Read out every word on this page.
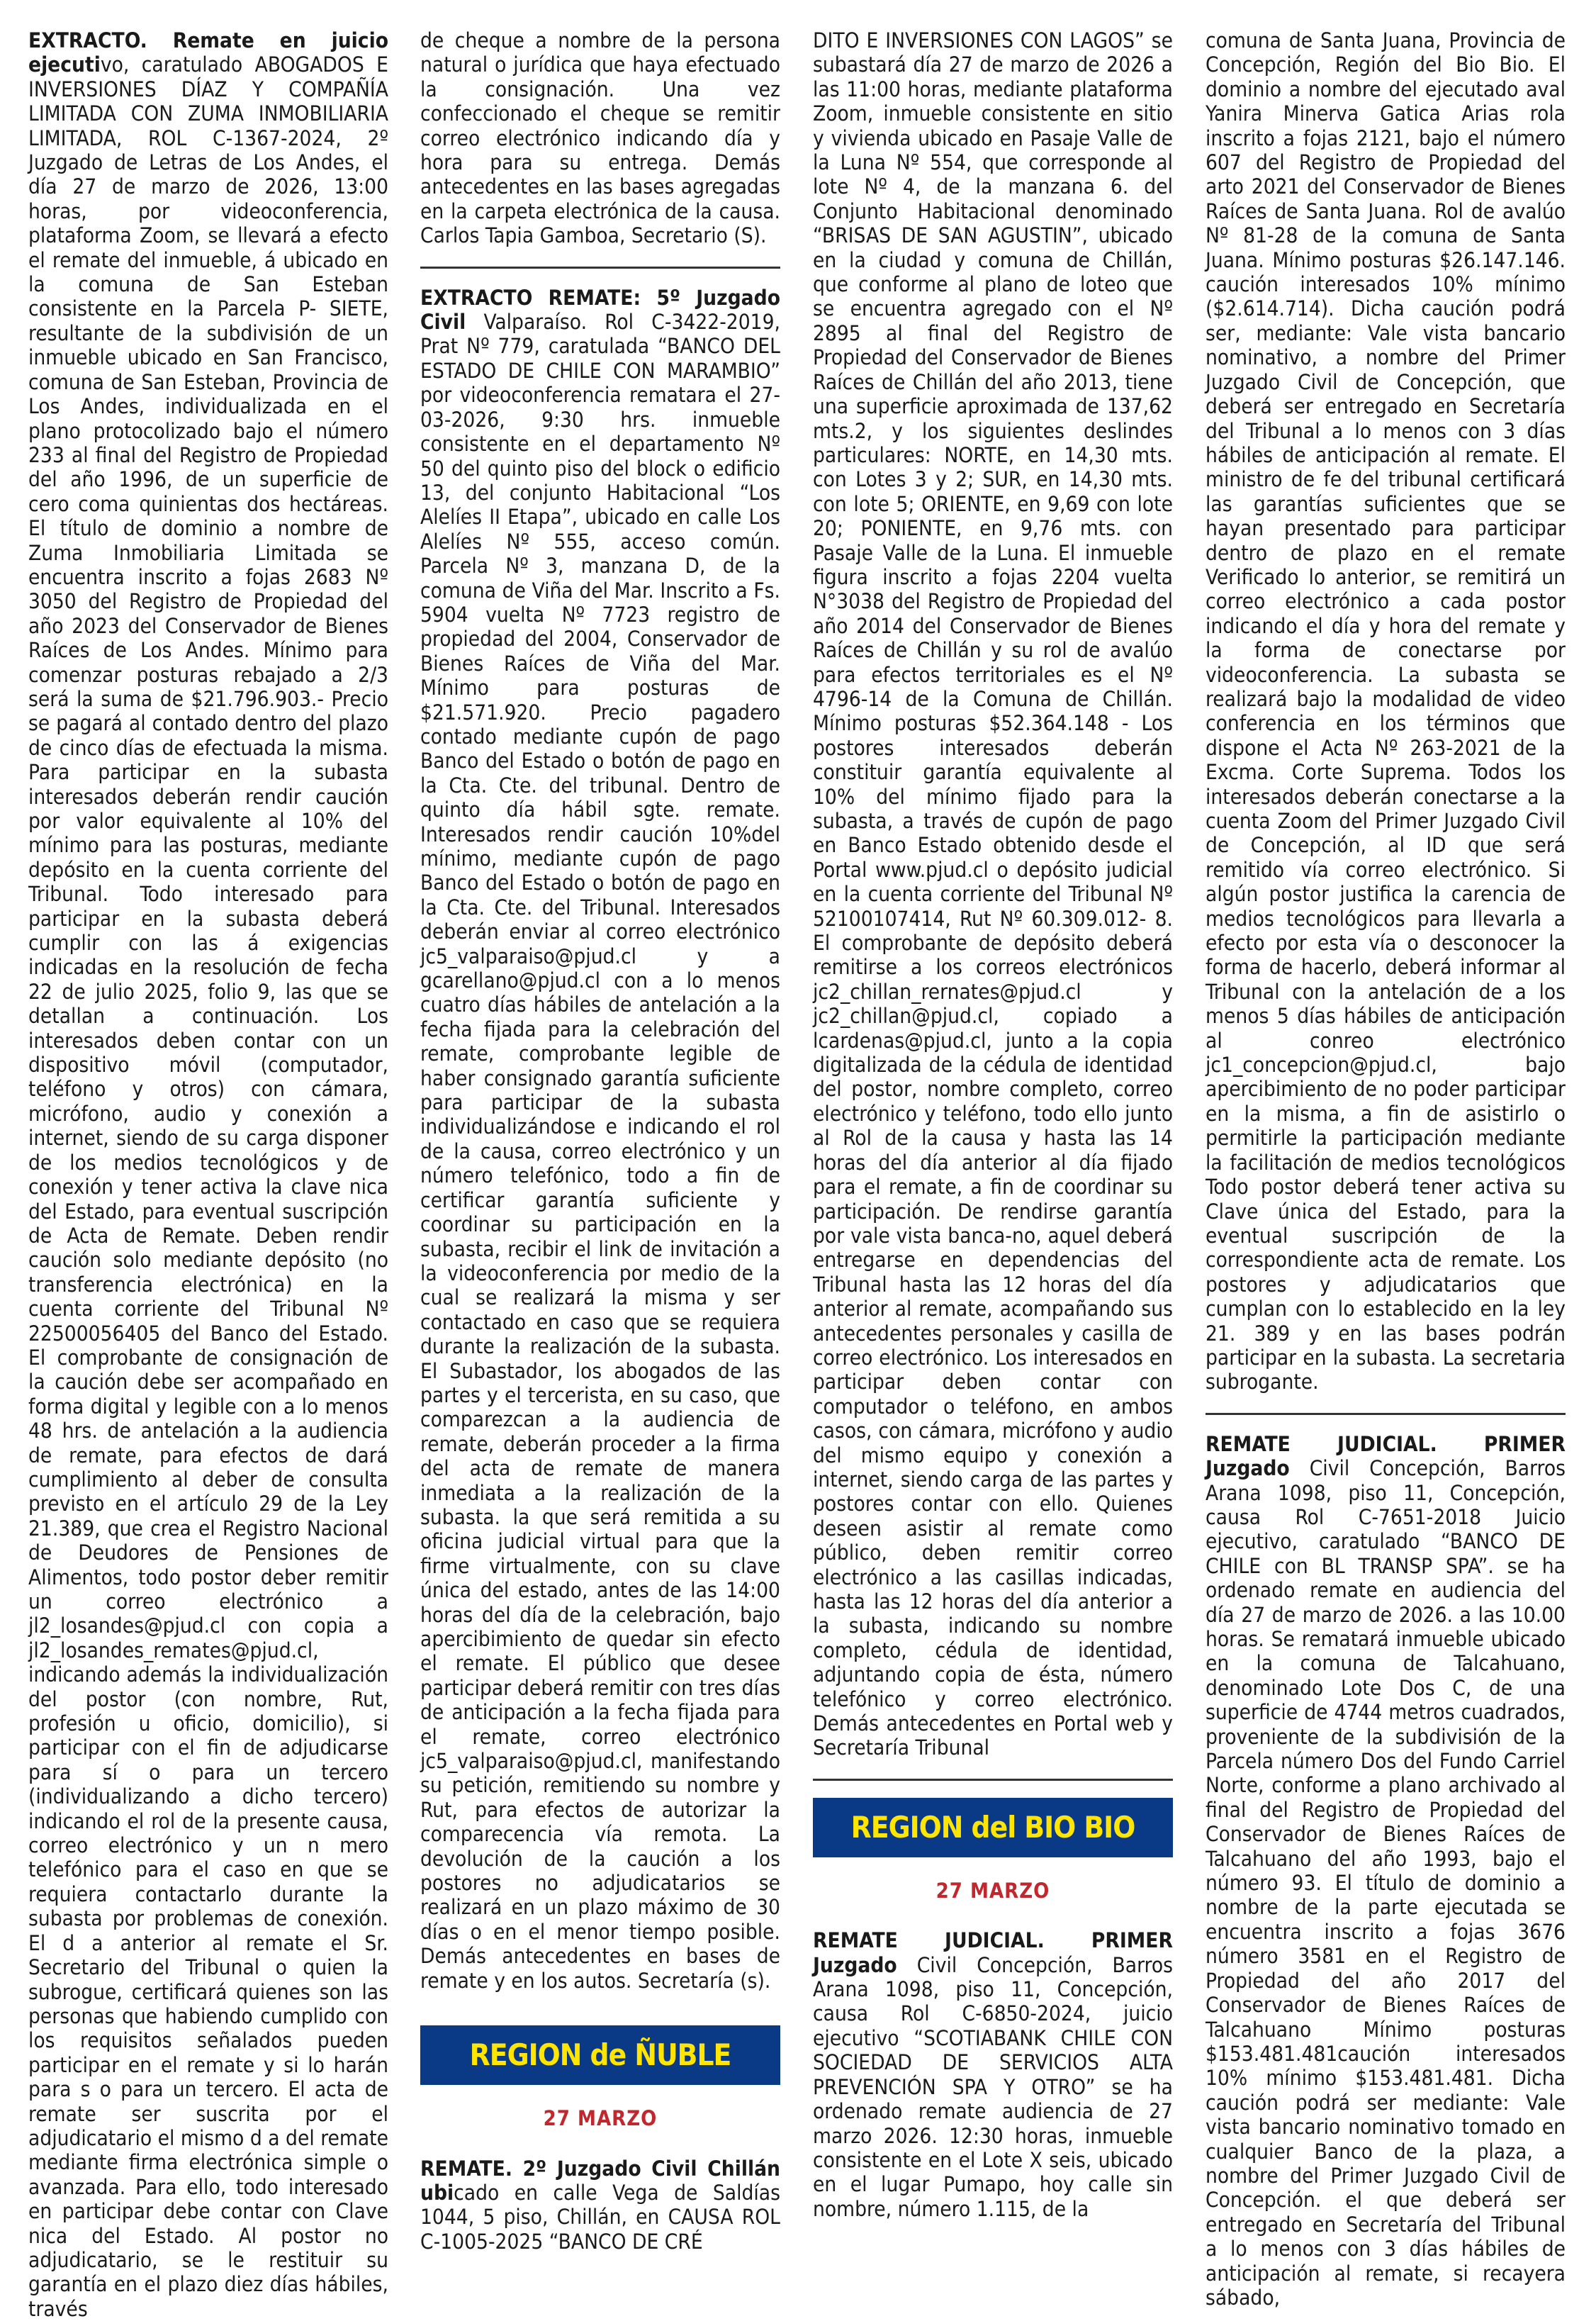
EXTRACTO. Remate en juicio ejecutivo, caratulado ABOGADOS E INVERSIONES DÍAZ Y COMPAÑÍA LIMITADA CON ZUMA INMOBILIARIA LIMITADA, ROL C-1367-2024, 2º Juzgado de Letras de Los Andes, el día 27 de marzo de 2026, 13:00 horas, por videoconferencia, plataforma Zoom, se llevará a efecto el remate del inmueble, á ubicado en la comuna de San Esteban consistente en la Parcela P- SIETE, resultante de la subdivisión de un inmueble ubicado en San Francisco, comuna de San Esteban, Provincia de Los Andes, individualizada en el plano protocolizado bajo el número 233 al final del Registro de Propiedad del año 1996, de un superficie de cero coma quinientas dos hectáreas. El título de dominio a nombre de Zuma Inmobiliaria Limitada se encuentra inscrito a fojas 2683 Nº 3050 del Registro de Propiedad del año 2023 del Conservador de Bienes Raíces de Los Andes. Mínimo para comenzar posturas rebajado a 2/3 será la suma de $21.796.903.- Precio se pagará al contado dentro del plazo de cinco días de efectuada la misma. Para participar en la subasta interesados deberán rendir caución por valor equivalente al 10% del mínimo para las posturas, mediante depósito en la cuenta corriente del Tribunal. Todo interesado para participar en la subasta deberá cumplir con las á exigencias indicadas en la resolución de fecha 22 de julio 2025, folio 9, las que se detallan a continuación. Los interesados deben contar con un dispositivo móvil (computador, teléfono y otros) con cámara, micrófono, audio y conexión a internet, siendo de su carga disponer de los medios tecnológicos y de conexión y tener activa la clave nica del Estado, para eventual suscripción de Acta de Remate. Deben rendir caución solo mediante depósito (no transferencia electrónica) en la cuenta corriente del Tribunal Nº 22500056405 del Banco del Estado. El comprobante de consignación de la caución debe ser acompañado en forma digital y legible con a lo menos 48 hrs. de antelación a la audiencia de remate, para efectos de dará cumplimiento al deber de consulta previsto en el artículo 29 de la Ley 21.389, que crea el Registro Nacional de Deudores de Pensiones de Alimentos, todo postor deber remitir un correo electrónico a jl2_losandes@pjud.cl con copia a jl2_losandes_remates@pjud.cl, indicando además la individualización del postor (con nombre, Rut, profesión u oficio, domicilio), si participar con el fin de adjudicarse para sí o para un tercero (individualizando a dicho tercero) indicando el rol de la presente causa, correo electrónico y un n mero telefónico para el caso en que se requiera contactarlo durante la subasta por problemas de conexión. El d a anterior al remate el Sr. Secretario del Tribunal o quien la subrogue, certificará quienes son las personas que habiendo cumplido con los requisitos señalados pueden participar en el remate y si lo harán para s o para un tercero. El acta de remate ser suscrita por el adjudicatario el mismo d a del remate mediante firma electrónica simple o avanzada. Para ello, todo interesado en participar debe contar con Clave nica del Estado. Al postor no adjudicatario, se le restituir su garantía en el plazo diez días hábiles, través

de cheque a nombre de la persona natural o jurídica que haya efectuado la consignación. Una vez confeccionado el cheque se remitir correo electrónico indicando día y hora para su entrega. Demás antecedentes en las bases agregadas en la carpeta electrónica de la causa. Carlos Tapia Gamboa, Secretario (S).

EXTRACTO REMATE: 5º Juzgado Civil Valparaíso. Rol C-3422-2019, Prat Nº 779, caratulada “BANCO DEL ESTADO DE CHILE CON MARAMBIO” por videoconferencia rematara el 27-03-2026, 9:30 hrs. inmueble consistente en el departamento Nº 50 del quinto piso del block o edificio 13, del conjunto Habitacional “Los Alelíes II Etapa”, ubicado en calle Los Alelíes Nº 555, acceso común. Parcela Nº 3, manzana D, de la comuna de Viña del Mar. Inscrito a Fs. 5904 vuelta Nº 7723 registro de propiedad del 2004, Conservador de Bienes Raíces de Viña del Mar. Mínimo para posturas de $21.571.920. Precio pagadero contado mediante cupón de pago Banco del Estado o botón de pago en la Cta. Cte. del tribunal. Dentro de quinto día hábil sgte. remate. Interesados rendir caución 10%del mínimo, mediante cupón de pago Banco del Estado o botón de pago en la Cta. Cte. del Tribunal. Interesados deberán enviar al correo electrónico jc5_valparaiso@pjud.cl y a gcarellano@pjud.cl con a lo menos cuatro días hábiles de antelación a la fecha fijada para la celebración del remate, comprobante legible de haber consignado garantía suficiente para participar de la subasta individualizándose e indicando el rol de la causa, correo electrónico y un número telefónico, todo a fin de certificar garantía suficiente y coordinar su participación en la subasta, recibir el link de invitación a la videoconferencia por medio de la cual se realizará la misma y ser contactado en caso que se requiera durante la realización de la subasta. El Subastador, los abogados de las partes y el tercerista, en su caso, que comparezcan a la audiencia de remate, deberán proceder a la firma del acta de remate de manera inmediata a la realización de la subasta. la que será remitida a su oficina judicial virtual para que la firme virtualmente, con su clave única del estado, antes de las 14:00 horas del día de la celebración, bajo apercibimiento de quedar sin efecto el remate. El público que desee participar deberá remitir con tres días de anticipación a la fecha fijada para el remate, correo electrónico jc5_valparaiso@pjud.cl, manifestando su petición, remitiendo su nombre y Rut, para efectos de autorizar la comparecencia vía remota. La devolución de la caución a los postores no adjudicatarios se realizará en un plazo máximo de 30 días o en el menor tiempo posible. Demás antecedentes en bases de remate y en los autos. Secretaría (s).

REGION de ÑUBLE
27 MARZO

REMATE. 2º Juzgado Civil Chillán ubicado en calle Vega de Saldías 1044, 5 piso, Chillán, en CAUSA ROL C-1005-2025 “BANCO DE CRÉ

DITO E INVERSIONES CON LAGOS” se subastará día 27 de marzo de 2026 a las 11:00 horas, mediante plataforma Zoom, inmueble consistente en sitio y vivienda ubicado en Pasaje Valle de la Luna Nº 554, que corresponde al lote Nº 4, de la manzana 6. del Conjunto Habitacional denominado “BRISAS DE SAN AGUSTIN”, ubicado en la ciudad y comuna de Chillán, que conforme al plano de loteo que se encuentra agregado con el Nº 2895 al final del Registro de Propiedad del Conservador de Bienes Raíces de Chillán del año 2013, tiene una superficie aproximada de 137,62 mts.2, y los siguientes deslindes particulares: NORTE, en 14,30 mts. con Lotes 3 y 2; SUR, en 14,30 mts. con lote 5; ORIENTE, en 9,69 con lote 20; PONIENTE, en 9,76 mts. con Pasaje Valle de la Luna. El inmueble figura inscrito a fojas 2204 vuelta N°3038 del Registro de Propiedad del año 2014 del Conservador de Bienes Raíces de Chillán y su rol de avalúo para efectos territoriales es el Nº 4796-14 de la Comuna de Chillán. Mínimo posturas $52.364.148 - Los postores interesados deberán constituir garantía equivalente al 10% del mínimo fijado para la subasta, a través de cupón de pago en Banco Estado obtenido desde el Portal www.pjud.cl o depósito judicial en la cuenta corriente del Tribunal Nº 52100107414, Rut Nº 60.309.012- 8. El comprobante de depósito deberá remitirse a los correos electrónicos jc2_chillan_rernates@pjud.cl y jc2_chillan@pjud.cl, copiado a lcardenas@pjud.cl, junto a la copia digitalizada de la cédula de identidad del postor, nombre completo, correo electrónico y teléfono, todo ello junto al Rol de la causa y hasta las 14 horas del día anterior al día fijado para el remate, a fin de coordinar su participación. De rendirse garantía por vale vista banca-no, aquel deberá entregarse en dependencias del Tribunal hasta las 12 horas del día anterior al remate, acompañando sus antecedentes personales y casilla de correo electrónico. Los interesados en participar deben contar con computador o teléfono, en ambos casos, con cámara, micrófono y audio del mismo equipo y conexión a internet, siendo carga de las partes y postores contar con ello. Quienes deseen asistir al remate como público, deben remitir correo electrónico a las casillas indicadas, hasta las 12 horas del día anterior a la subasta, indicando su nombre completo, cédula de identidad, adjuntando copia de ésta, número telefónico y correo electrónico. Demás antecedentes en Portal web y Secretaría Tribunal

REGION del BIO BIO
27 MARZO

REMATE JUDICIAL. PRIMER Juzgado Civil Concepción, Barros Arana 1098, piso 11, Concepción, causa Rol C-6850-2024, juicio ejecutivo “SCOTIABANK CHILE CON SOCIEDAD DE SERVICIOS ALTA PREVENCIÓN SPA Y OTRO” se ha ordenado remate audiencia de 27 marzo 2026. 12:30 horas, inmueble consistente en el Lote X seis, ubicado en el lugar Pumapo, hoy calle sin nombre, número 1.115, de la

comuna de Santa Juana, Provincia de Concepción, Región del Bio Bio. El dominio a nombre del ejecutado aval Yanira Minerva Gatica Arias rola inscrito a fojas 2121, bajo el número 607 del Registro de Propiedad del arto 2021 del Conservador de Bienes Raíces de Santa Juana. Rol de avalúo Nº 81-28 de la comuna de Santa Juana. Mínimo posturas $26.147.146. caución interesados 10% mínimo ($2.614.714). Dicha caución podrá ser, mediante: Vale vista bancario nominativo, a nombre del Primer Juzgado Civil de Concepción, que deberá ser entregado en Secretaría del Tribunal a lo menos con 3 días hábiles de anticipación al remate. El ministro de fe del tribunal certificará las garantías suficientes que se hayan presentado para participar dentro de plazo en el remate Verificado lo anterior, se remitirá un correo electrónico a cada postor indicando el día y hora del remate y la forma de conectarse por videoconferencia. La subasta se realizará bajo la modalidad de video conferencia en los términos que dispone el Acta Nº 263-2021 de la Excma. Corte Suprema. Todos los interesados deberán conectarse a la cuenta Zoom del Primer Juzgado Civil de Concepción, al ID que será remitido vía correo electrónico. Si algún postor justifica la carencia de medios tecnológicos para llevarla a efecto por esta vía o desconocer la forma de hacerlo, deberá informar al Tribunal con la antelación de a los menos 5 días hábiles de anticipación al conreo electrónico jc1_concepcion@pjud.cl, bajo apercibimiento de no poder participar en la misma, a fin de asistirlo o permitirle la participación mediante la facilitación de medios tecnológicos Todo postor deberá tener activa su Clave única del Estado, para la eventual suscripción de la correspondiente acta de remate. Los postores y adjudicatarios que cumplan con lo establecido en la ley 21. 389 y en las bases podrán participar en la subasta. La secretaria subrogante.

REMATE JUDICIAL. PRIMER Juzgado Civil Concepción, Barros Arana 1098, piso 11, Concepción, causa Rol C-7651-2018 Juicio ejecutivo, caratulado “BANCO DE CHILE con BL TRANSP SPA”. se ha ordenado remate en audiencia del día 27 de marzo de 2026. a las 10.00 horas. Se rematará inmueble ubicado en la comuna de Talcahuano, denominado Lote Dos C, de una superficie de 4744 metros cuadrados, proveniente de la subdivisión de la Parcela número Dos del Fundo Carriel Norte, conforme a plano archivado al final del Registro de Propiedad del Conservador de Bienes Raíces de Talcahuano del año 1993, bajo el número 93. El título de dominio a nombre de la parte ejecutada se encuentra inscrito a fojas 3676 número 3581 en el Registro de Propiedad del año 2017 del Conservador de Bienes Raíces de Talcahuano Mínimo posturas $153.481.481caución interesados 10% mínimo $153.481.481. Dicha caución podrá ser mediante: Vale vista bancario nominativo tomado en cualquier Banco de la plaza, a nombre del Primer Juzgado Civil de Concepción. el que deberá ser entregado en Secretaría del Tribunal a lo menos con 3 días hábiles de anticipación al remate, si recayera sábado,
